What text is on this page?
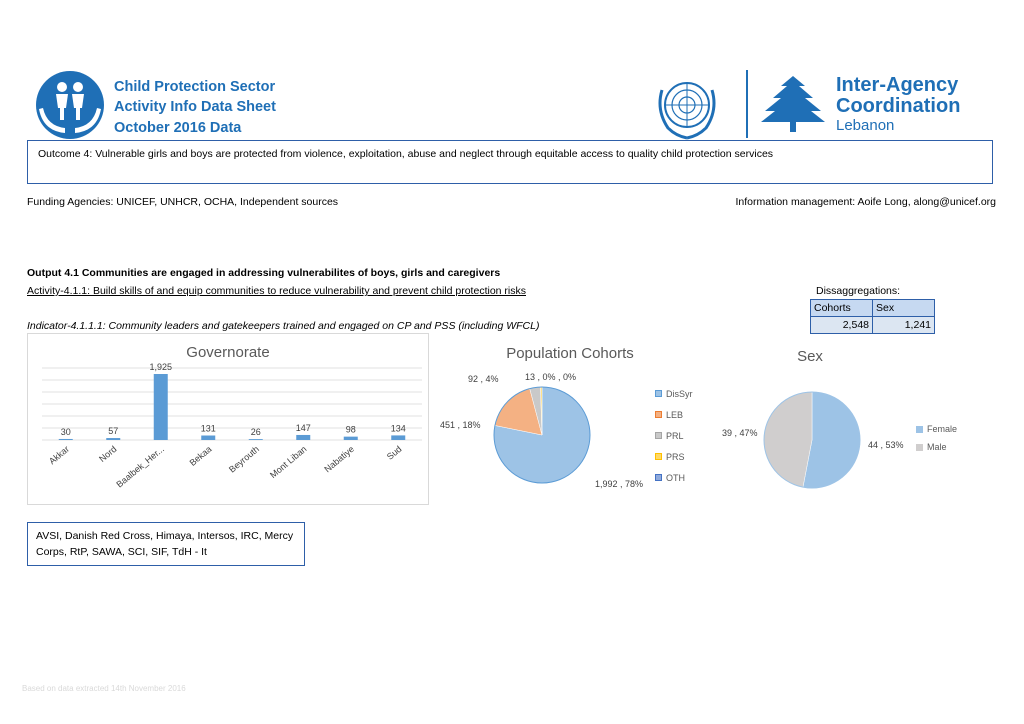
Child Protection Sector
Activity Info Data Sheet
October 2016 Data
Inter-Agency
Coordination
Lebanon
Outcome 4: Vulnerable girls and boys are protected from violence, exploitation, abuse and neglect through equitable access to quality child protection services
Funding Agencies: UNICEF, UNHCR, OCHA, Independent sources	Information management: Aoife Long, along@unicef.org
Output 4.1 Communities are engaged in addressing vulnerabilites of boys, girls and caregivers
Activity-4.1.1: Build skills of and equip communities to reduce vulnerability and prevent child protection risks
Indicator-4.1.1.1: Community leaders and gatekeepers trained and engaged on CP and PSS (including WFCL)
Dissaggregations:
Cohorts	Sex
2,548	1,241
Governorate
30
Akkar
57
Nord
1,925
Baalbek_Her...
131
Bekaa
26
Beyrouth
147
Mont Liban
98
Nabatiye
134
Sud
Population Cohorts
1,992 , 78%
451 , 18%
92 , 4%	13 , 0% , 0%
DisSyr
LEB
PRL
PRS
OTH
Sex
44 , 53%
39 , 47%	Female
Male
AVSI, Danish Red Cross, Himaya, Intersos, IRC, Mercy Corps, RtP, SAWA, SCI, SIF, TdH - It
Based on data extracted 14th November 2016
